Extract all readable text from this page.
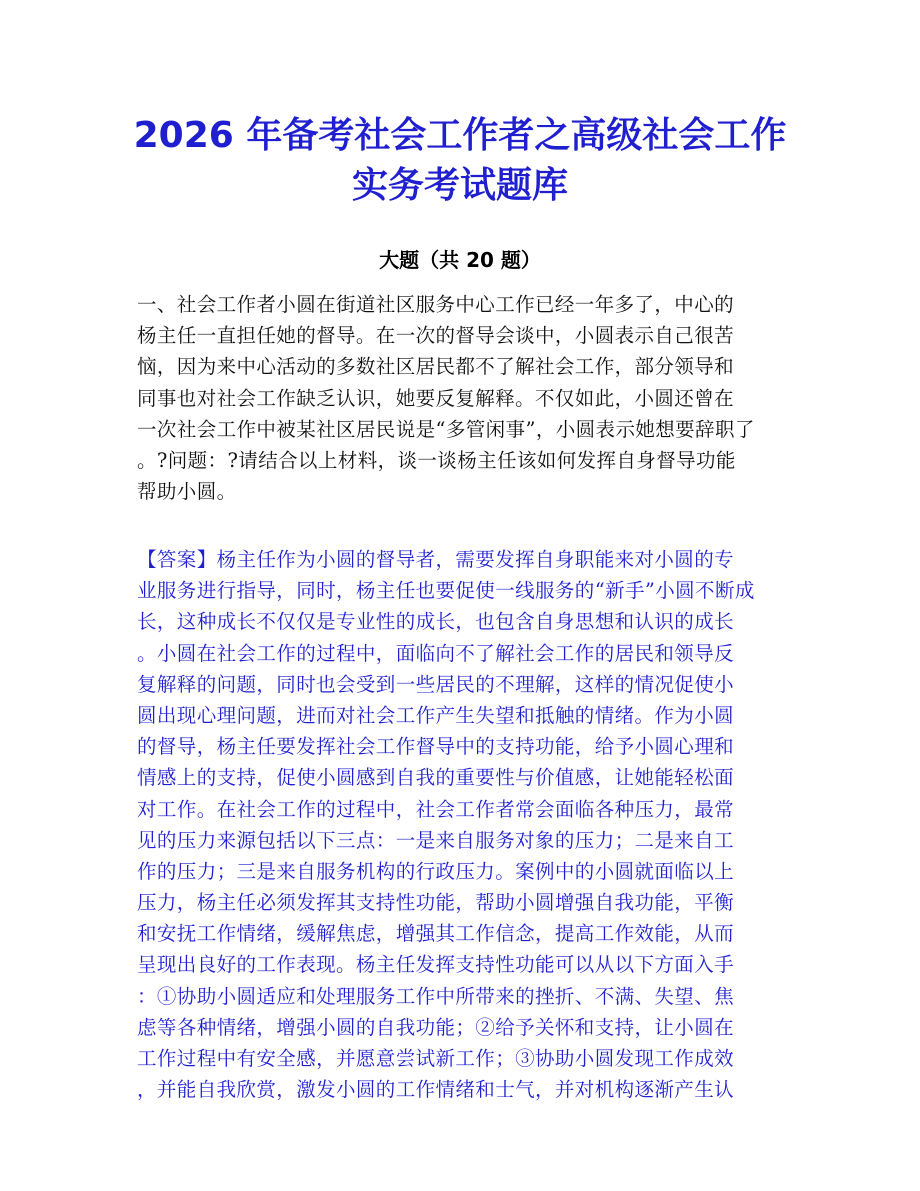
2026 年备考社会工作者之高级社会工作
实务考试题库
大题（共 20 题）
一、社会工作者小圆在街道社区服务中心工作已经一年多了，中心的
杨主任一直担任她的督导。在一次的督导会谈中，小圆表示自己很苦
恼，因为来中心活动的多数社区居民都不了解社会工作，部分领导和
同事也对社会工作缺乏认识，她要反复解释。不仅如此，小圆还曾在
一次社会工作中被某社区居民说是“多管闲事”，小圆表示她想要辞职了
。?问题：?请结合以上材料，谈一谈杨主任该如何发挥自身督导功能
帮助小圆。
【答案】杨主任作为小圆的督导者，需要发挥自身职能来对小圆的专
业服务进行指导，同时，杨主任也要促使一线服务的“新手”小圆不断成
长，这种成长不仅仅是专业性的成长，也包含自身思想和认识的成长
。小圆在社会工作的过程中，面临向不了解社会工作的居民和领导反
复解释的问题，同时也会受到一些居民的不理解，这样的情况促使小
圆出现心理问题，进而对社会工作产生失望和抵触的情绪。作为小圆
的督导，杨主任要发挥社会工作督导中的支持功能，给予小圆心理和
情感上的支持，促使小圆感到自我的重要性与价值感，让她能轻松面
对工作。在社会工作的过程中，社会工作者常会面临各种压力，最常
见的压力来源包括以下三点：一是来自服务对象的压力；二是来自工
作的压力；三是来自服务机构的行政压力。案例中的小圆就面临以上
压力，杨主任必须发挥其支持性功能，帮助小圆增强自我功能，平衡
和安抚工作情绪，缓解焦虑，增强其工作信念，提高工作效能，从而
呈现出良好的工作表现。杨主任发挥支持性功能可以从以下方面入手
：①协助小圆适应和处理服务工作中所带来的挫折、不满、失望、焦
虑等各种情绪，增强小圆的自我功能；②给予关怀和支持，让小圆在
工作过程中有安全感，并愿意尝试新工作；③协助小圆发现工作成效
，并能自我欣赏，激发小圆的工作情绪和士气，并对机构逐渐产生认
